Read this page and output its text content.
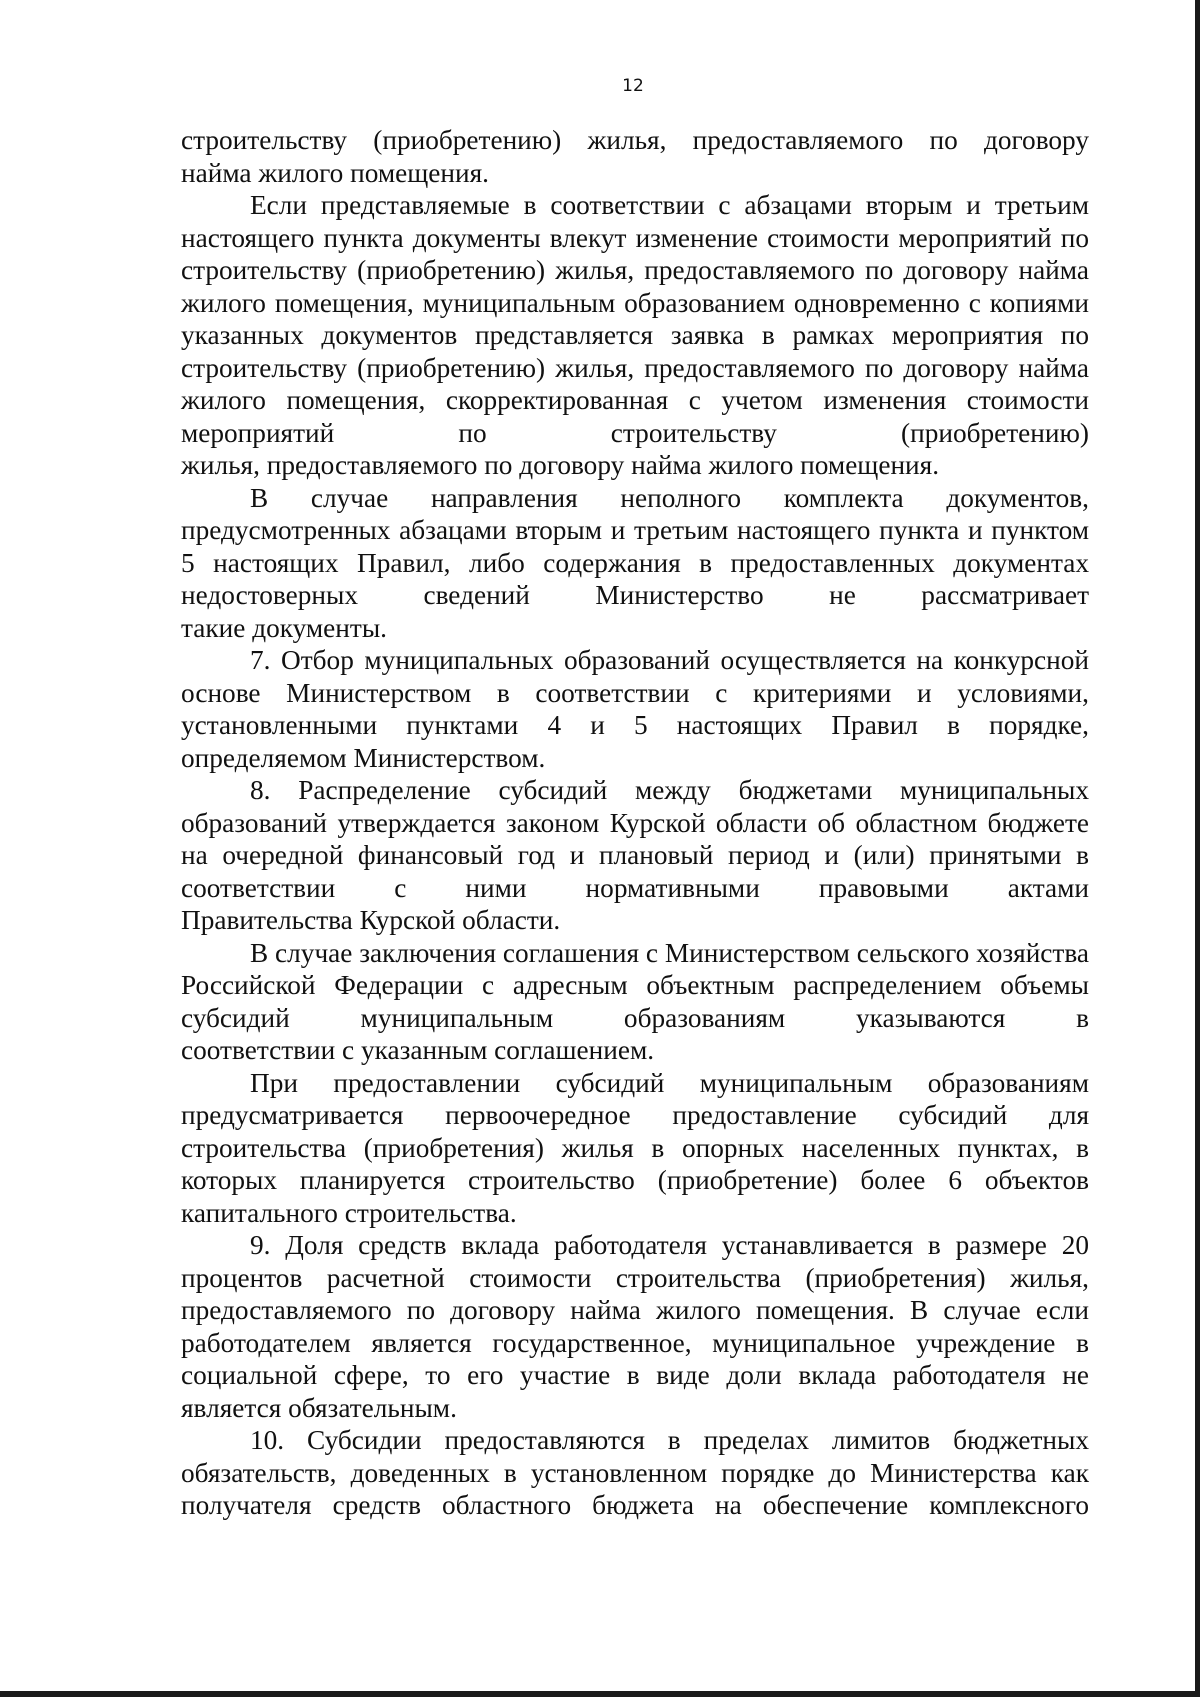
12

строительству (приобретению) жилья, предоставляемого по договору
найма жилого помещения.

Если представляемые в соответствии с абзацами вторым и третьим настоящего пункта документы влекут изменение стоимости мероприятий по строительству (приобретению) жилья, предоставляемого по договору найма жилого помещения, муниципальным образованием одновременно с копиями указанных документов представляется заявка в рамках мероприятия по строительству (приобретению) жилья, предоставляемого по договору найма жилого помещения, скорректированная с учетом изменения стоимости мероприятий по строительству (приобретению)
жилья, предоставляемого по договору найма жилого помещения.

В случае направления неполного комплекта документов, предусмотренных абзацами вторым и третьим настоящего пункта и пунктом 5 настоящих Правил, либо содержания в предоставленных документах недостоверных сведений Министерство не рассматривает
такие документы.

7. Отбор муниципальных образований осуществляется на конкурсной основе Министерством в соответствии с критериями и условиями, установленными пунктами 4 и 5 настоящих Правил в порядке,
определяемом Министерством.

8. Распределение субсидий между бюджетами муниципальных образований утверждается законом Курской области об областном бюджете на очередной финансовый год и плановый период и (или) принятыми в соответствии с ними нормативными правовыми актами
Правительства Курской области.

В случае заключения соглашения с Министерством сельского хозяйства Российской Федерации с адресным объектным распределением объемы субсидий муниципальным образованиям указываются в
соответствии с указанным соглашением.

При предоставлении субсидий муниципальным образованиям предусматривается первоочередное предоставление субсидий для строительства (приобретения) жилья в опорных населенных пунктах, в которых планируется строительство (приобретение) более 6 объектов
капитального строительства.

9. Доля средств вклада работодателя устанавливается в размере 20 процентов расчетной стоимости строительства (приобретения) жилья, предоставляемого по договору найма жилого помещения. В случае если работодателем является государственное, муниципальное учреждение в социальной сфере, то его участие в виде доли вклада работодателя не
является обязательным.

10. Субсидии предоставляются в пределах лимитов бюджетных обязательств, доведенных в установленном порядке до Министерства как получателя средств областного бюджета на обеспечение комплексного
